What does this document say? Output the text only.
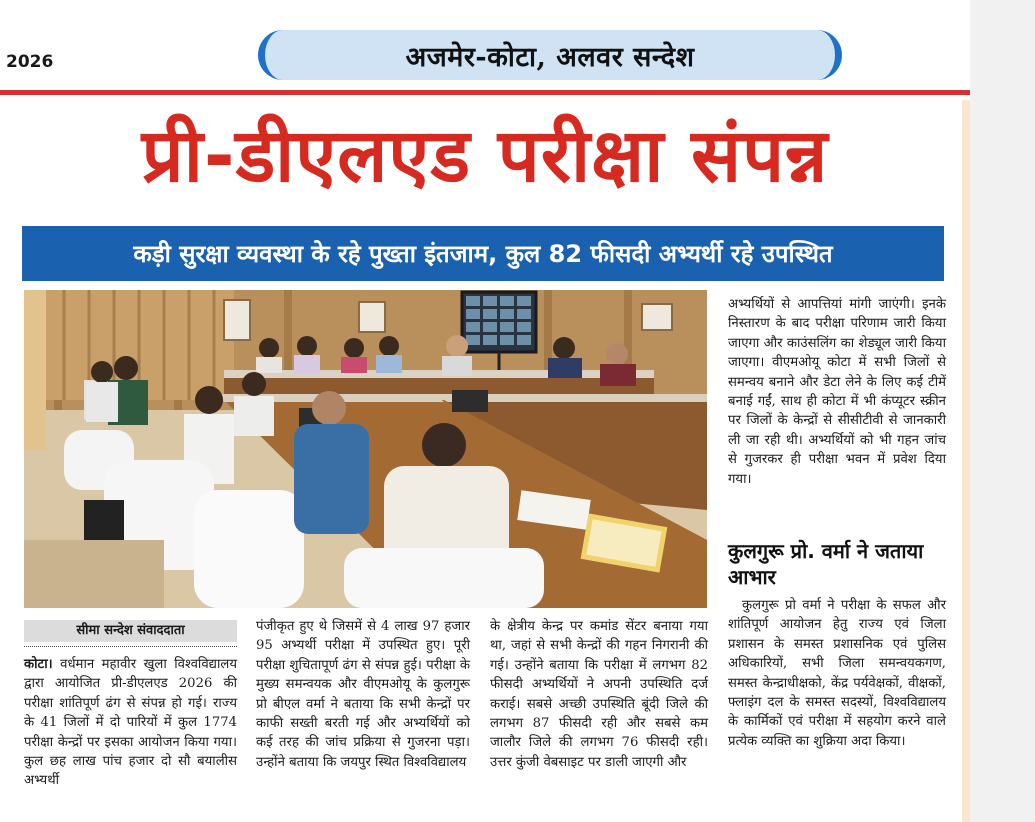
2026	अजमेर-कोटा, अलवर सन्देश
प्री-डीएलएड परीक्षा संपन्न
कड़ी सुरक्षा व्यवस्था के रहे पुख्ता इंतजाम, कुल 82 फीसदी अभ्यर्थी रहे उपस्थित
सीमा सन्देश संवाददाता

कोटा। वर्धमान महावीर खुला विश्वविद्यालय द्वारा आयोजित प्री-डीएलएड 2026 की परीक्षा शांतिपूर्ण ढंग से संपन्न हो गई। राज्य के 41 जिलों में दो पारियों में कुल 1774 परीक्षा केन्द्रों पर इसका आयोजन किया गया। कुल छह लाख पांच हजार दो सौ बयालीस अभ्यर्थी

पंजीकृत हुए थे जिसमें से 4 लाख 97 हजार 95 अभ्यर्थी परीक्षा में उपस्थित हुए। पूरी परीक्षा शुचितापूर्ण ढंग से संपन्न हुई। परीक्षा के मुख्य समन्वयक और वीएमओयू के कुलगुरू प्रो बीएल वर्मा ने बताया कि सभी केन्द्रों पर काफी सख्ती बरती गई और अभ्यर्थियों को कई तरह की जांच प्रक्रिया से गुजरना पड़ा। उन्होंने बताया कि जयपुर स्थित विश्वविद्यालय

के क्षेत्रीय केन्द्र पर कमांड सेंटर बनाया गया था, जहां से सभी केन्द्रों की गहन निगरानी की गई। उन्होंने बताया कि परीक्षा में लगभग 82 फीसदी अभ्यर्थियों ने अपनी उपस्थिति दर्ज कराई। सबसे अच्छी उपस्थिति बूंदी जिले की लगभग 87 फीसदी रही और सबसे कम जालौर जिले की लगभग 76 फीसदी रही। उत्तर कुंजी वेबसाइट पर डाली जाएगी और

अभ्यर्थियों से आपत्तियां मांगी जाएंगी। इनके निस्तारण के बाद परीक्षा परिणाम जारी किया जाएगा और काउंसलिंग का शेड्यूल जारी किया जाएगा। वीएमओयू कोटा में सभी जिलों से समन्वय बनाने और डेटा लेने के लिए कई टीमें बनाई गईं, साथ ही कोटा में भी कंप्यूटर स्क्रीन पर जिलों के केन्द्रों से सीसीटीवी से जानकारी ली जा रही थी। अभ्यर्थियों को भी गहन जांच से गुजरकर ही परीक्षा भवन में प्रवेश दिया गया।

कुलगुरू प्रो. वर्मा ने जताया आभार

कुलगुरू प्रो वर्मा ने परीक्षा के सफल और शांतिपूर्ण आयोजन हेतु राज्य एवं जिला प्रशासन के समस्त प्रशासनिक एवं पुलिस अधिकारियों, सभी जिला समन्वयकगण, समस्त केन्द्राधीक्षको, केंद्र पर्यवेक्षकों, वीक्षकों, फ्लाइंग दल के समस्त सदस्यों, विश्वविद्यालय के कार्मिकों एवं परीक्षा में सहयोग करने वाले प्रत्येक व्यक्ति का शुक्रिया अदा किया।
